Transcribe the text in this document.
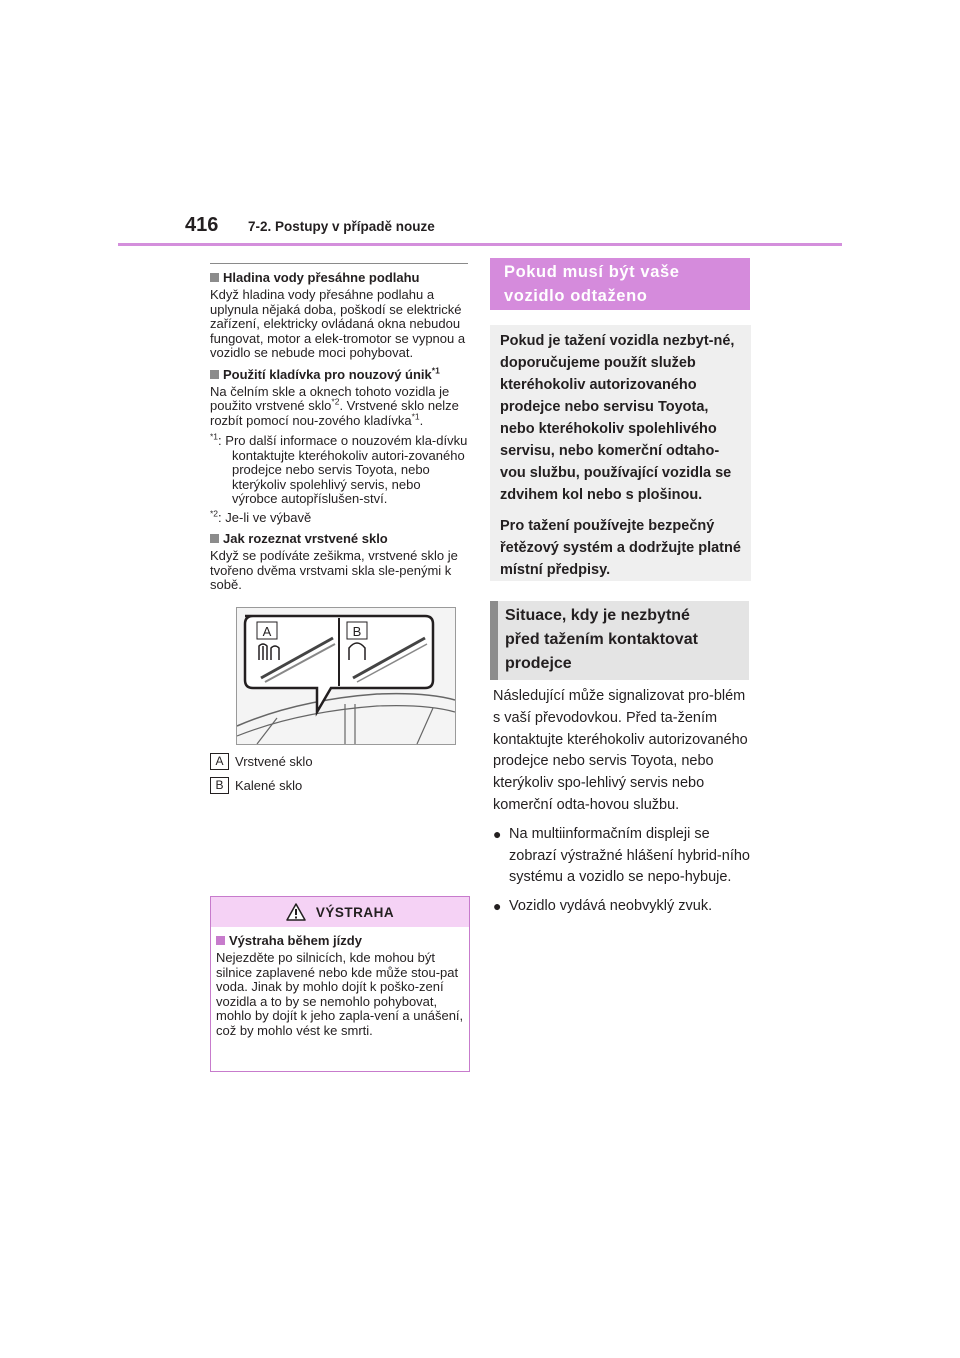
416 7-2. Postupy v případě nouze
Hladina vody přesáhne podlahu

Když hladina vody přesáhne podlahu a uplynula nějaká doba, poškodí se elektrické zařízení, elektricky ovládaná okna nebudou fungovat, motor a elek-tromotor se vypnou a vozidlo se nebude moci pohybovat.

Použití kladívka pro nouzový únik$^{*1}$

Na čelním skle a oknech tohoto vozidla je použito vrstvené sklo$^{*2}$. Vrstvené sklo nelze rozbít pomocí nou-zového kladívka$^{*1}$.

$^{*1}$: Pro další informace o nouzovém kla-dívku kontaktujte kteréhokoliv autori-zovaného prodejce nebo servis Toyota, nebo kterýkoliv spolehlivý servis, nebo výrobce autopříslušen-ství.

$^{*2}$: Je-li ve výbavě

Jak rozeznat vrstvené sklo

Když se podíváte zešikma, vrstvené sklo je tvořeno dvěma vrstvami skla sle-penými k sobě.

A	B
A Vrstvené sklo
B Kalené sklo
VÝSTRAHA
Výstraha během jízdy

Nejezděte po silnicích, kde mohou být silnice zaplavené nebo kde může stou-pat voda. Jinak by mohlo dojít k poško-zení vozidla a to by se nemohlo pohybovat, mohlo by dojít k jeho zapla-vení a unášení, což by mohlo vést ke smrti.

Pokud musí být vaše

vozidlo odtaženo

Pokud je tažení vozidla nezbyt-né, doporučujeme použít služeb kteréhokoliv autorizovaného prodejce nebo servisu Toyota, nebo kteréhokoliv spolehlivého servisu, nebo komerční odtaho-vou službu, používající vozidla se zdvihem kol nebo s plošinou.

Pro tažení používejte bezpečný řetězový systém a dodržujte platné místní předpisy.

Situace, kdy je nezbytné

před tažením kontaktovat

prodejce

Následující může signalizovat pro-blém s vaší převodovkou. Před ta-žením kontaktujte kteréhokoliv autorizovaného prodejce nebo servis Toyota, nebo kterýkoliv spo-lehlivý servis nebo komerční odta-hovou službu.

● Na multiinformačním displeji se zobrazí výstražné hlášení hybrid-ního systému a vozidlo se nepo-hybuje.
● Vozidlo vydává neobvyklý zvuk.
